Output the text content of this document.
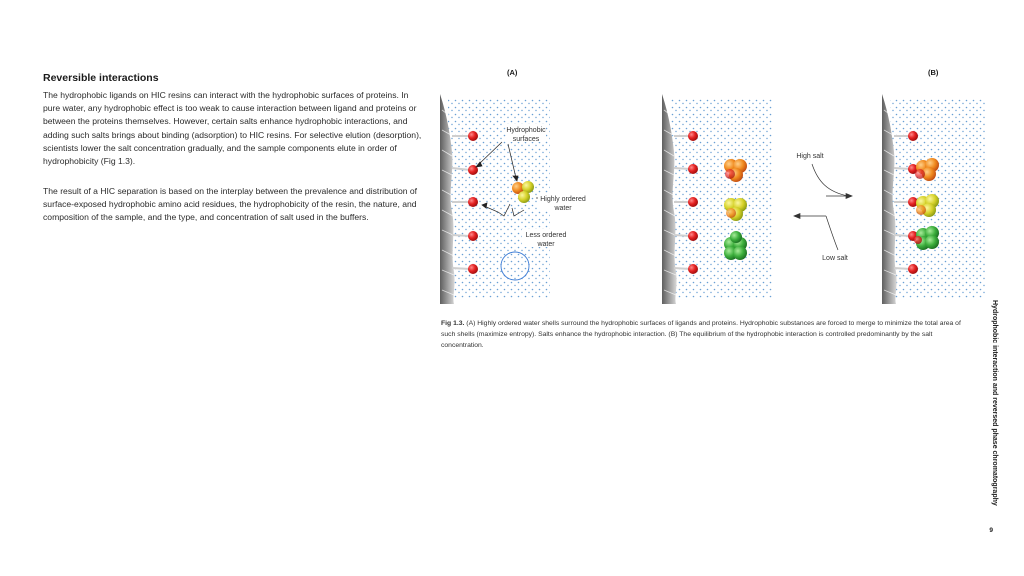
Reversible interactions

The hydrophobic ligands on HIC resins can interact with the hydrophobic surfaces of proteins. In pure water, any hydrophobic effect is too weak to cause interaction between ligand and proteins or between the proteins themselves. However, certain salts enhance hydrophobic interactions, and adding such salts brings about binding (adsorption) to HIC resins. For selective elution (desorption), scientists lower the salt concentration gradually, and the sample components elute in order of hydrophobicity (Fig 1.3).

The result of a HIC separation is based on the interplay between the prevalence and distribution of surface-exposed hydrophobic amino acid residues, the hydrophobicity of the resin, the nature, and composition of the sample, and the type, and concentration of salt used in the buffers.

(A)	(B)
Hydrophobic
surfaces
Highly ordered
water
Less ordered
water
High salt
Low salt

Fig 1.3. (A) Highly ordered water shells surround the hydrophobic surfaces of ligands and proteins. Hydrophobic substances are forced to merge to minimize the total area of such shells (maximize entropy). Salts enhance the hydrophobic interaction. (B) The equilibrium of the hydrophobic interaction is controlled predominantly by the salt concentration.	Hydrophobic interaction and reversed phase chromatography
9
